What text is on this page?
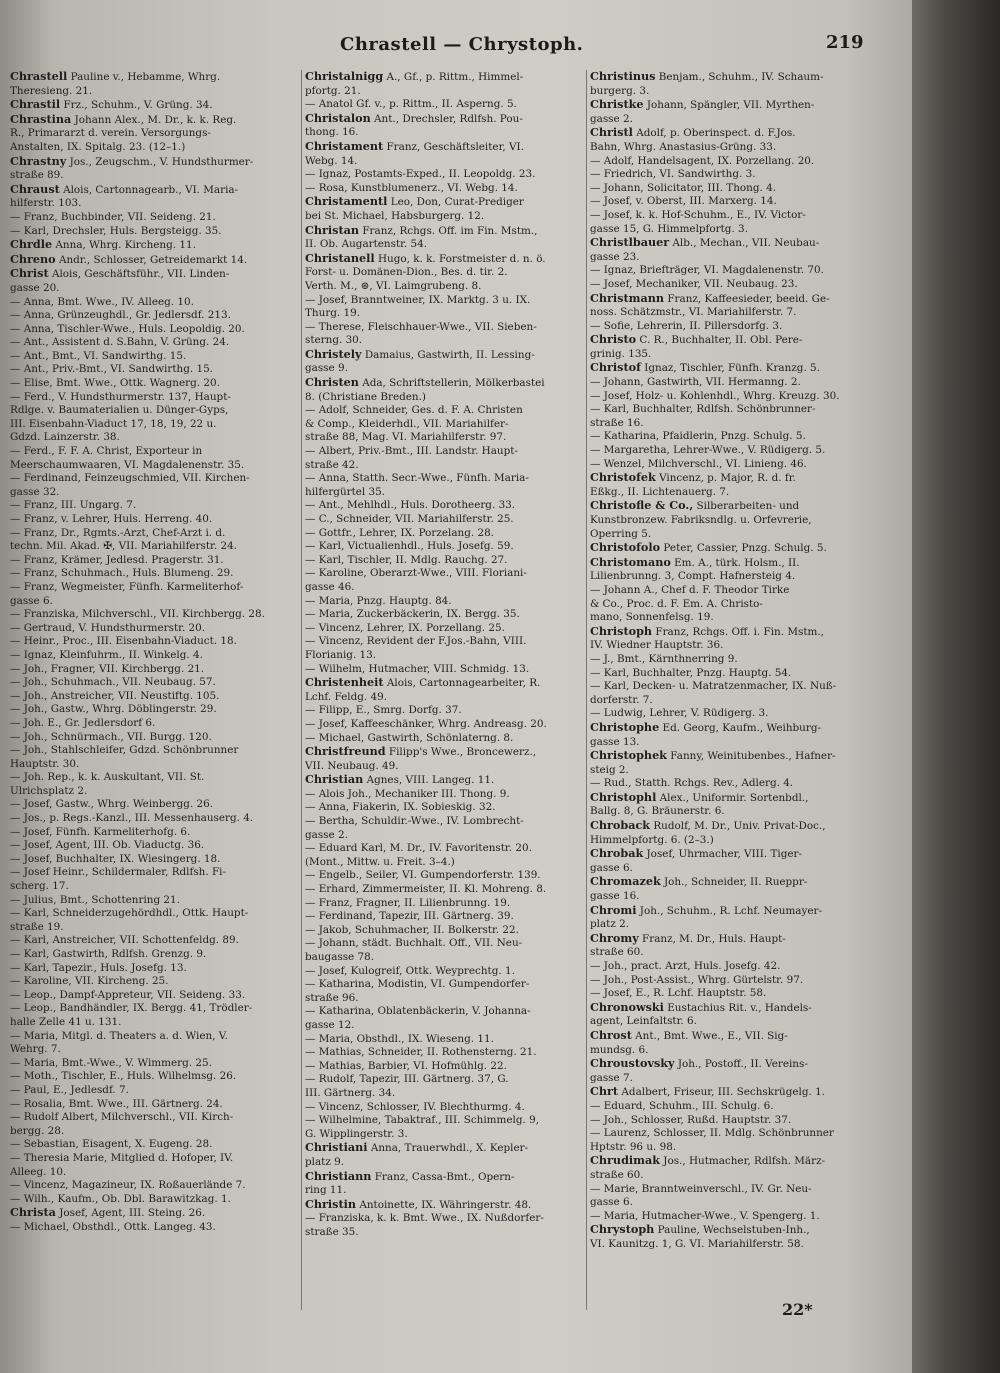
Chrastell — Chrystoph.	219
Chrastell Pauline v., Hebamme, Whrg.
Theresieng. 21.
Chrastil Frz., Schuhm., V. Grüng. 34.
Chrastina Johann Alex., M. Dr., k. k. Reg.
R., Primararzt d. verein. Versorgungs-
Anstalten, IX. Spitalg. 23. (12–1.)
Chrastny Jos., Zeugschm., V. Hundsthurmer-
straße 89.
Chraust Alois, Cartonnagearb., VI. Maria-
hilferstr. 103.
— Franz, Buchbinder, VII. Seideng. 21.
— Karl, Drechsler, Huls. Bergsteigg. 35.
Chrdle Anna, Whrg. Kircheng. 11.
Chreno Andr., Schlosser, Getreidemarkt 14.
Christ Alois, Geschäftsführ., VII. Linden-
gasse 20.
— Anna, Bmt. Wwe., IV. Alleeg. 10.
— Anna, Grünzeughdl., Gr. Jedlersdf. 213.
— Anna, Tischler-Wwe., Huls. Leopoldig. 20.
— Ant., Assistent d. S.Bahn, V. Grüng. 24.
— Ant., Bmt., VI. Sandwirthg. 15.
— Ant., Priv.-Bmt., VI. Sandwirthg. 15.
— Elise, Bmt. Wwe., Ottk. Wagnerg. 20.
— Ferd., V. Hundsthurmerstr. 137, Haupt-
Rdlge. v. Baumaterialien u. Dünger-Gyps,
III. Eisenbahn-Viaduct 17, 18, 19, 22 u.
Gdzd. Lainzerstr. 38.
— Ferd., F. F. A. Christ, Exporteur in
Meerschaumwaaren, VI. Magdalenenstr. 35.
— Ferdinand, Feinzeugschmied, VII. Kirchen-
gasse 32.
— Franz, III. Ungarg. 7.
— Franz, v. Lehrer, Huls. Herreng. 40.
— Franz, Dr., Rgmts.-Arzt, Chef-Arzt i. d.
techn. Mil. Akad. ✠, VII. Mariahilferstr. 24.
— Franz, Krämer, Jedlesd. Pragerstr. 31.
— Franz, Schuhmach., Huls. Blumeng. 29.
— Franz, Wegmeister, Fünfh. Karmeliterhof-
gasse 6.
— Franziska, Milchverschl., VII. Kirchbergg. 28.
— Gertraud, V. Hundsthurmerstr. 20.
— Heinr., Proc., III. Eisenbahn-Viaduct. 18.
— Ignaz, Kleinfuhrm., II. Winkelg. 4.
— Joh., Fragner, VII. Kirchbergg. 21.
— Joh., Schuhmach., VII. Neubaug. 57.
— Joh., Anstreicher, VII. Neustiftg. 105.
— Joh., Gastw., Whrg. Döblingerstr. 29.
— Joh. E., Gr. Jedlersdorf 6.
— Joh., Schnürmach., VII. Burgg. 120.
— Joh., Stahlschleifer, Gdzd. Schönbrunner
Hauptstr. 30.
— Joh. Rep., k. k. Auskultant, VII. St.
Ulrichsplatz 2.
— Josef, Gastw., Whrg. Weinbergg. 26.
— Jos., p. Regs.-Kanzl., III. Messenhauserg. 4.
— Josef, Fünfh. Karmeliterhofg. 6.
— Josef, Agent, III. Ob. Viaductg. 36.
— Josef, Buchhalter, IX. Wiesingerg. 18.
— Josef Heinr., Schildermaler, Rdlfsh. Fi-
scherg. 17.
— Julius, Bmt., Schottenring 21.
— Karl, Schneiderzugehördhdl., Ottk. Haupt-
straße 19.
— Karl, Anstreicher, VII. Schottenfeldg. 89.
— Karl, Gastwirth, Rdlfsh. Grenzg. 9.
— Karl, Tapezir., Huls. Josefg. 13.
— Karoline, VII. Kircheng. 25.
— Leop., Dampf-Appreteur, VII. Seideng. 33.
— Leop., Bandhändler, IX. Bergg. 41, Trödler-
halle Zelle 41 u. 131.
— Maria, Mitgl. d. Theaters a. d. Wien, V.
Wehrg. 7.
— Maria, Bmt.-Wwe., V. Wimmerg. 25.
— Moth., Tischler, E., Huls. Wilhelmsg. 26.
— Paul, E., Jedlesdf. 7.
— Rosalia, Bmt. Wwe., III. Gärtnerg. 24.
— Rudolf Albert, Milchverschl., VII. Kirch-
bergg. 28.
— Sebastian, Eisagent, X. Eugeng. 28.
— Theresia Marie, Mitglied d. Hofoper, IV.
Alleeg. 10.
— Vincenz, Magazineur, IX. Roßauerlände 7.
— Wilh., Kaufm., Ob. Dbl. Barawitzkag. 1.
Christa Josef, Agent, III. Steing. 26.
— Michael, Obsthdl., Ottk. Langeg. 43.
Christalnigg A., Gf., p. Rittm., Himmel-
pfortg. 21.
— Anatol Gf. v., p. Rittm., II. Asperng. 5.
Christalon Ant., Drechsler, Rdlfsh. Pou-
thong. 16.
Christament Franz, Geschäftsleiter, VI.
Webg. 14.
— Ignaz, Postamts-Exped., II. Leopoldg. 23.
— Rosa, Kunstblumenerz., VI. Webg. 14.
Christamentl Leo, Don, Curat-Prediger
bei St. Michael, Habsburgerg. 12.
Christan Franz, Rchgs. Off. im Fin. Mstm.,
II. Ob. Augartenstr. 54.
Christanell Hugo, k. k. Forstmeister d. n. ö.
Forst- u. Domänen-Dion., Bes. d. tir. 2.
Verth. M., ⊛, VI. Laimgrubeng. 8.
— Josef, Branntweiner, IX. Marktg. 3 u. IX.
Thurg. 19.
— Therese, Fleischhauer-Wwe., VII. Sieben-
sterng. 30.
Christely Damaius, Gastwirth, II. Lessing-
gasse 9.
Christen Ada, Schriftstellerin, Mölkerbastei
8. (Christiane Breden.)
— Adolf, Schneider, Ges. d. F. A. Christen
& Comp., Kleiderhdl., VII. Mariahilfer-
straße 88, Mag. VI. Mariahilferstr. 97.
— Albert, Priv.-Bmt., III. Landstr. Haupt-
straße 42.
— Anna, Statth. Secr.-Wwe., Fünfh. Maria-
hilfergürtel 35.
— Ant., Mehlhdl., Huls. Dorotheerg. 33.
— C., Schneider, VII. Mariahilferstr. 25.
— Gottfr., Lehrer, IX. Porzelang. 28.
— Karl, Victualienhdl., Huls. Josefg. 59.
— Karl, Tischler, II. Mdlg. Rauchg. 27.
— Karoline, Oberarzt-Wwe., VIII. Floriani-
gasse 46.
— Maria, Pnzg. Hauptg. 84.
— Maria, Zuckerbäckerin, IX. Bergg. 35.
— Vincenz, Lehrer, IX. Porzellang. 25.
— Vincenz, Revident der F.Jos.-Bahn, VIII.
Florianig. 13.
— Wilhelm, Hutmacher, VIII. Schmidg. 13.
Christenheit Alois, Cartonnagearbeiter, R.
Lchf. Feldg. 49.
— Filipp, E., Smrg. Dorfg. 37.
— Josef, Kaffeeschänker, Whrg. Andreasg. 20.
— Michael, Gastwirth, Schönlaterng. 8.
Christfreund Filipp's Wwe., Broncewerz.,
VII. Neubaug. 49.
Christian Agnes, VIII. Langeg. 11.
— Alois Joh., Mechaniker III. Thong. 9.
— Anna, Fiakerin, IX. Sobieskig. 32.
— Bertha, Schuldir.-Wwe., IV. Lombrecht-
gasse 2.
— Eduard Karl, M. Dr., IV. Favoritenstr. 20.
(Mont., Mittw. u. Freit. 3–4.)
— Engelb., Seiler, VI. Gumpendorferstr. 139.
— Erhard, Zimmermeister, II. Kl. Mohreng. 8.
— Franz, Fragner, II. Lilienbrunng. 19.
— Ferdinand, Tapezir, III. Gärtnerg. 39.
— Jakob, Schuhmacher, II. Bolkerstr. 22.
— Johann, städt. Buchhalt. Off., VII. Neu-
baugasse 78.
— Josef, Kulogreif, Ottk. Weyprechtg. 1.
— Katharina, Modistin, VI. Gumpendorfer-
straße 96.
— Katharina, Oblatenbäckerin, V. Johanna-
gasse 12.
— Maria, Obsthdl., IX. Wieseng. 11.
— Mathias, Schneider, II. Rothensterng. 21.
— Mathias, Barbier, VI. Hofmühlg. 22.
— Rudolf, Tapezir, III. Gärtnerg. 37, G.
III. Gärtnerg. 34.
— Vincenz, Schlosser, IV. Blechthurmg. 4.
— Wilhelmine, Tabaktraf., III. Schimmelg. 9,
G. Wipplingerstr. 3.
Christiani Anna, Trauerwhdl., X. Kepler-
platz 9.
Christiann Franz, Cassa-Bmt., Opern-
ring 11.
Christin Antoinette, IX. Währingerstr. 48.
— Franziska, k. k. Bmt. Wwe., IX. Nußdorfer-
straße 35.
Christinus Benjam., Schuhm., IV. Schaum-
burgerg. 3.
Christke Johann, Spängler, VII. Myrthen-
gasse 2.
Christl Adolf, p. Oberinspect. d. F.Jos.
Bahn, Whrg. Anastasius-Grüng. 33.
— Adolf, Handelsagent, IX. Porzellang. 20.
— Friedrich, VI. Sandwirthg. 3.
— Johann, Solicitator, III. Thong. 4.
— Josef, v. Oberst, III. Marxerg. 14.
— Josef, k. k. Hof-Schuhm., E., IV. Victor-
gasse 15, G. Himmelpfortg. 3.
Christlbauer Alb., Mechan., VII. Neubau-
gasse 23.
— Ignaz, Briefträger, VI. Magdalenenstr. 70.
— Josef, Mechaniker, VII. Neubaug. 23.
Christmann Franz, Kaffeesieder, beeid. Ge-
noss. Schätzmstr., VI. Mariahilferstr. 7.
— Sofie, Lehrerin, II. Pillersdorfg. 3.
Christo C. R., Buchhalter, II. Obl. Pere-
grinig. 135.
Christof Ignaz, Tischler, Fünfh. Kranzg. 5.
— Johann, Gastwirth, VII. Hermanng. 2.
— Josef, Holz- u. Kohlenhdl., Whrg. Kreuzg. 30.
— Karl, Buchhalter, Rdlfsh. Schönbrunner-
straße 16.
— Katharina, Pfaidlerin, Pnzg. Schulg. 5.
— Margaretha, Lehrer-Wwe., V. Rüdigerg. 5.
— Wenzel, Milchverschl., VI. Linieng. 46.
Christofek Vincenz, p. Major, R. d. fr.
Eßkg., II. Lichtenauerg. 7.
Christofle & Co., Silberarbeiten- und
Kunstbronzew. Fabriksndlg. u. Orfevrerie,
Operring 5.
Christofolo Peter, Cassier, Pnzg. Schulg. 5.
Christomano Em. A., türk. Holsm., II.
Lilienbrunng. 3, Compt. Hafnersteig 4.
— Johann A., Chef d. F. Theodor Tirke
& Co., Proc. d. F. Em. A. Christo-
mano, Sonnenfelsg. 19.
Christoph Franz, Rchgs. Off. i. Fin. Mstm.,
IV. Wiedner Hauptstr. 36.
— J., Bmt., Kärnthnerring 9.
— Karl, Buchhalter, Pnzg. Hauptg. 54.
— Karl, Decken- u. Matratzenmacher, IX. Nuß-
dorferstr. 7.
— Ludwig, Lehrer, V. Rüdigerg. 3.
Christophe Ed. Georg, Kaufm., Weihburg-
gasse 13.
Christophek Fanny, Weinitubenbes., Hafner-
steig 2.
— Rud., Statth. Rchgs. Rev., Adlerg. 4.
Christophl Alex., Uniformir. Sortenbdl.,
Ballg. 8, G. Bräunerstr. 6.
Chroback Rudolf, M. Dr., Univ. Privat-Doc.,
Himmelpfortg. 6. (2–3.)
Chrobak Josef, Uhrmacher, VIII. Tiger-
gasse 6.
Chromazek Joh., Schneider, II. Rueppr-
gasse 16.
Chromi Joh., Schuhm., R. Lchf. Neumayer-
platz 2.
Chromy Franz, M. Dr., Huls. Haupt-
straße 60.
— Joh., pract. Arzt, Huls. Josefg. 42.
— Joh., Post-Assist., Whrg. Gürtelstr. 97.
— Josef, E., R. Lchf. Hauptstr. 58.
Chronowski Eustachius Rit. v., Handels-
agent, Leinfaltstr. 6.
Chrost Ant., Bmt. Wwe., E., VII. Sig-
mundsg. 6.
Chroustovsky Joh., Postoff., II. Vereins-
gasse 7.
Chrt Adalbert, Friseur, III. Sechskrügelg. 1.
— Eduard, Schuhm., III. Schulg. 6.
— Joh., Schlosser, Rußd. Hauptstr. 37.
— Laurenz, Schlosser, II. Mdlg. Schönbrunner
Hptstr. 96 u. 98.
Chrudimak Jos., Hutmacher, Rdlfsh. März-
straße 60.
— Marie, Branntweinverschl., IV. Gr. Neu-
gasse 6.
— Maria, Hutmacher-Wwe., V. Spengerg. 1.
Chrystoph Pauline, Wechselstuben-Inh.,
VI. Kaunitzg. 1, G. VI. Mariahilferstr. 58.
22*
